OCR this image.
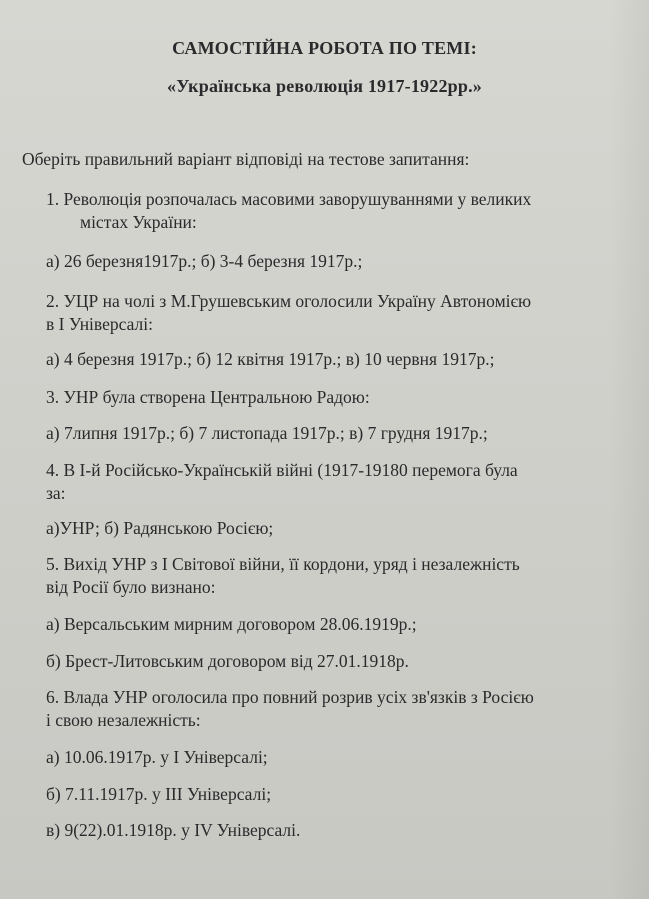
САМОСТІЙНА РОБОТА ПО ТЕМІ:
«Українська революція 1917-1922рр.»
Оберіть правильний варіант відповіді на тестове запитання:
1. Революція розпочалась масовими заворушуваннями у великих
містах України:
а) 26 березня1917р.; б) 3-4 березня 1917р.;
2. УЦР на чолі з М.Грушевським оголосили Україну Автономією
в І Універсалі:
а) 4 березня 1917р.; б) 12 квітня 1917р.; в) 10 червня 1917р.;
3. УНР була створена Центральною Радою:
а) 7липня 1917р.; б) 7 листопада 1917р.; в) 7 грудня 1917р.;
4. В І-й Російсько-Українській війні (1917-19180 перемога була
за:
а)УНР; б) Радянською Росією;
5. Вихід УНР з І Світової війни, її кордони, уряд і незалежність
від Росії було визнано:
а) Версальським мирним договором 28.06.1919р.;
б) Брест-Литовським договором від 27.01.1918р.
6. Влада УНР оголосила про повний розрив усіх зв'язків з Росією
і свою незалежність:
а) 10.06.1917р. у І Універсалі;
б) 7.11.1917р. у ІІІ Універсалі;
в) 9(22).01.1918р. у ІV Універсалі.
